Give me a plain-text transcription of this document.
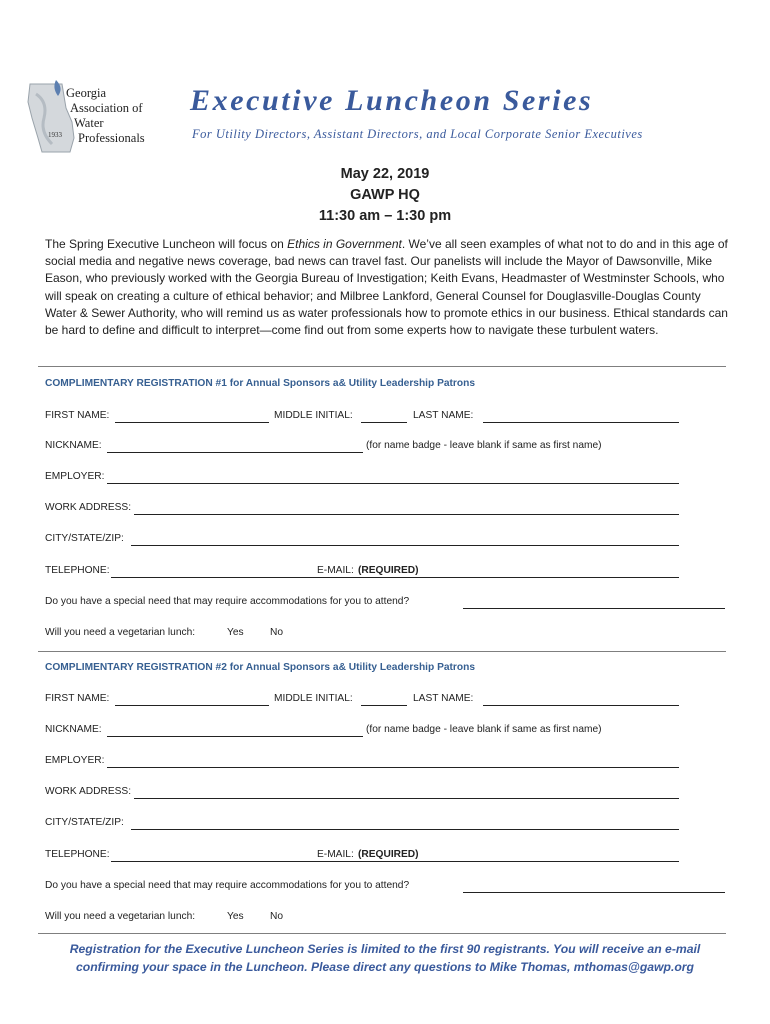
Georgia
Association of
Water
Professionals
1933
Executive Luncheon Series
For Utility Directors, Assistant Directors, and Local Corporate Senior Executives
May 22, 2019
GAWP HQ
11:30 am – 1:30 pm

The Spring Executive Luncheon will focus on Ethics in Government. We’ve all seen examples of what not to do and in this age of social media and negative news coverage, bad news can travel fast. Our panelists will include the Mayor of Dawsonville, Mike Eason, who previously worked with the Georgia Bureau of Investigation; Keith Evans, Headmaster of Westminster Schools, who will speak on creating a culture of ethical behavior; and Milbree Lankford, General Counsel for Douglasville-Douglas County Water & Sewer Authority, who will remind us as water professionals how to promote ethics in our business. Ethical standards can be hard to define and difficult to interpret—come find out from some experts how to navigate these turbulent waters.

COMPLIMENTARY REGISTRATION #1 for Annual Sponsors a& Utility Leadership Patrons
FIRST NAME:	MIDDLE INITIAL:	LAST NAME:
NICKNAME:	(for name badge - leave blank if same as first name)
EMPLOYER:
WORK ADDRESS:
CITY/STATE/ZIP:
TELEPHONE:	E-MAIL: (REQUIRED)
Do you have a special need that may require accommodations for you to attend?
Will you need a vegetarian lunch:	Yes	No
COMPLIMENTARY REGISTRATION #2 for Annual Sponsors a& Utility Leadership Patrons
FIRST NAME:	MIDDLE INITIAL:	LAST NAME:
NICKNAME:	(for name badge - leave blank if same as first name)
EMPLOYER:
WORK ADDRESS:
CITY/STATE/ZIP:
TELEPHONE:	E-MAIL: (REQUIRED)
Do you have a special need that may require accommodations for you to attend?
Will you need a vegetarian lunch:	Yes	No
Registration for the Executive Luncheon Series is limited to the first 90 registrants. You will receive an e-mail
confirming your space in the Luncheon. Please direct any questions to Mike Thomas, mthomas@gawp.org
